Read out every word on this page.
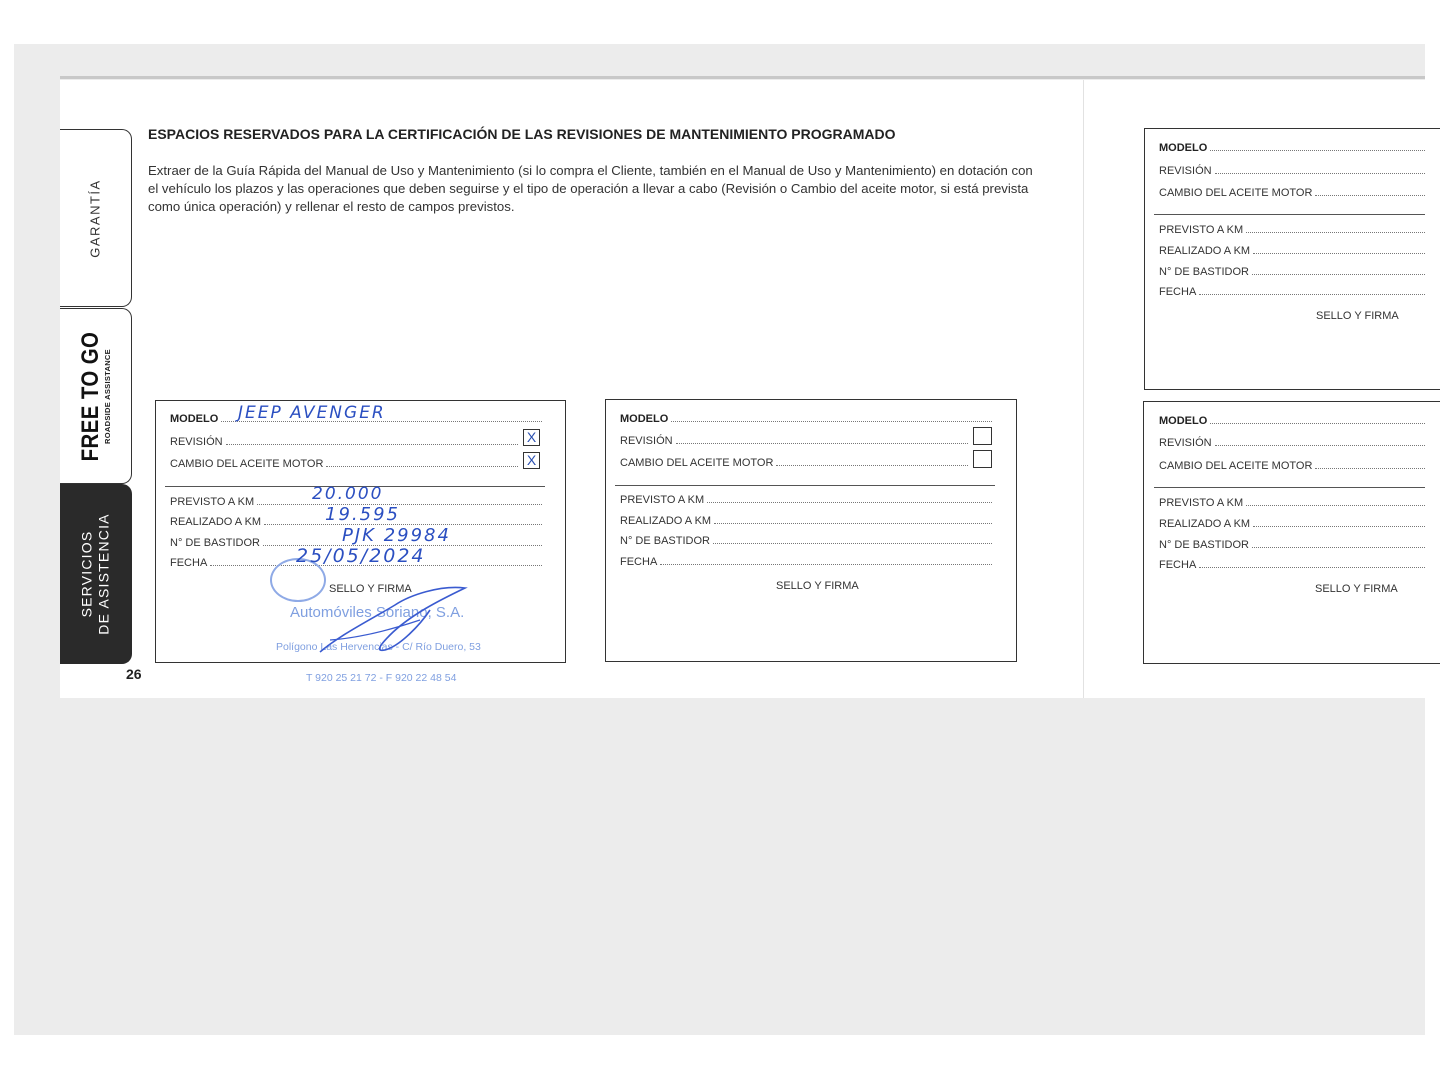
GARANTÍA
FREE TO GO ROADSIDE ASSISTANCE
SERVICIOS DE ASISTENCIA
26
ESPACIOS RESERVADOS PARA LA CERTIFICACIÓN DE LAS REVISIONES DE MANTENIMIENTO PROGRAMADO
Extraer de la Guía Rápida del Manual de Uso y Mantenimiento (si lo compra el Cliente, también en el Manual de Uso y Mantenimiento) en dotación con el vehículo los plazos y las operaciones que deben seguirse y el tipo de operación a llevar a cabo (Revisión o Cambio del aceite motor, si está prevista como única operación) y rellenar el resto de campos previstos.
MODELO
REVISIÓN	X
CAMBIO DEL ACEITE MOTOR	X
PREVISTO A KM
REALIZADO A KM
N° DE BASTIDOR
FECHA
Automóviles Soriano, S.A.
Polígono Las Hervencias - C/ Río Duero, 53
T 920 25 21 72 - F 920 22 48 54
SELLO Y FIRMA
JEEP AVENGER
20.000
19.595
PJK 29984
25/05/2024
MODELO
REVISIÓN
CAMBIO DEL ACEITE MOTOR
PREVISTO A KM
REALIZADO A KM
N° DE BASTIDOR
FECHA
SELLO Y FIRMA
MODELO
REVISIÓN
CAMBIO DEL ACEITE MOTOR
PREVISTO A KM
REALIZADO A KM
N° DE BASTIDOR
FECHA
SELLO Y FIRMA
MODELO
REVISIÓN
CAMBIO DEL ACEITE MOTOR
PREVISTO A KM
REALIZADO A KM
N° DE BASTIDOR
FECHA
SELLO Y FIRMA
